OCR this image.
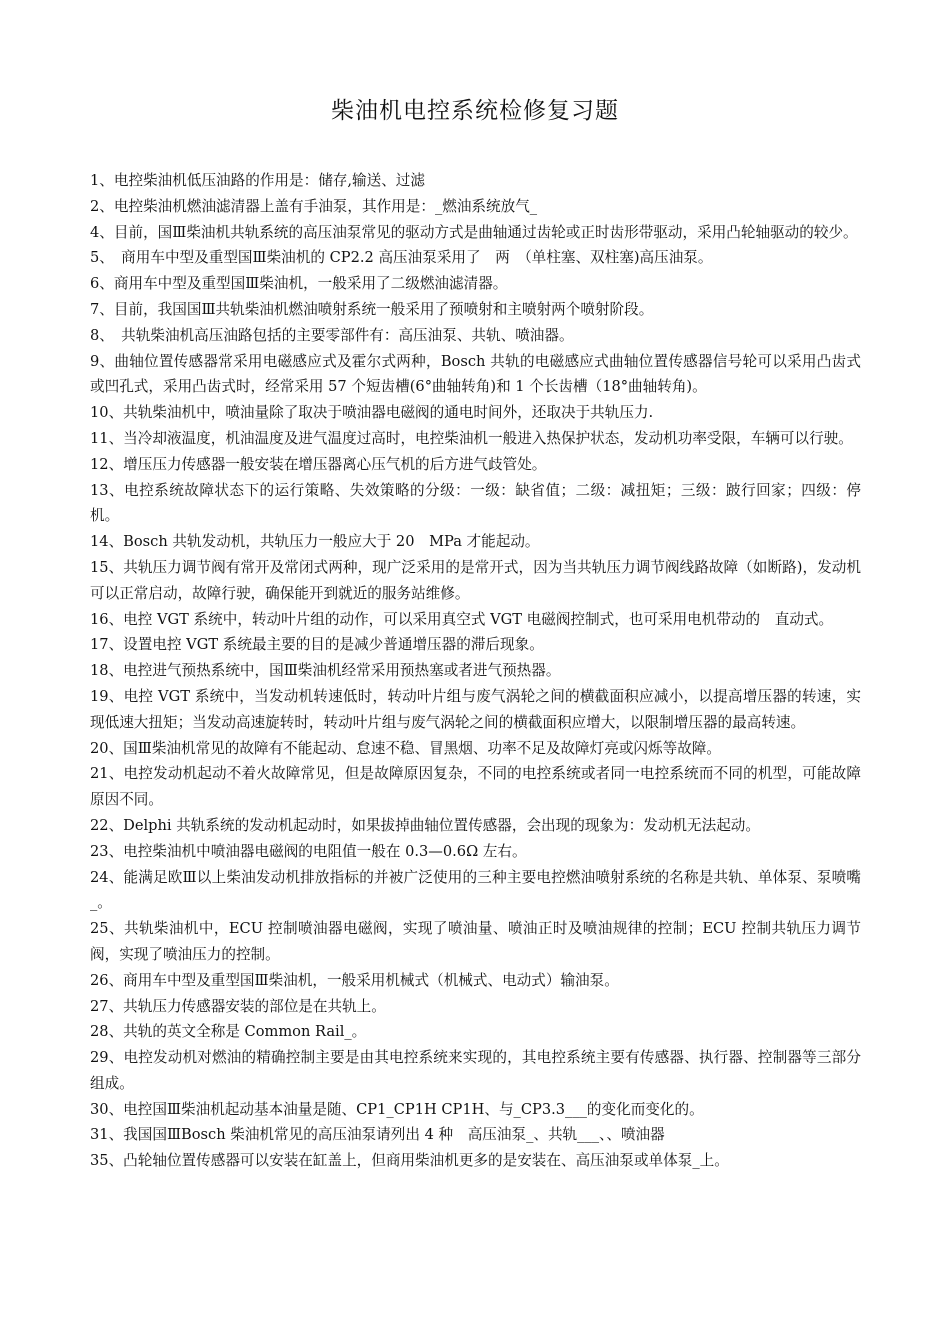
柴油机电控系统检修复习题

1、电控柴油机低压油路的作用是：储存,输送、过滤

2、电控柴油机燃油滤清器上盖有手油泵，其作用是：_燃油系统放气_

4、目前，国Ⅲ柴油机共轨系统的高压油泵常见的驱动方式是曲轴通过齿轮或正时齿形带驱动，采用凸轮轴驱动的较少。

5、　商用车中型及重型国Ⅲ柴油机的 CP2.2 高压油泵采用了　两　（单柱塞、双柱塞)高压油泵。

6、商用车中型及重型国Ⅲ柴油机，一般采用了二级燃油滤清器。

7、目前，我国国Ⅲ共轨柴油机燃油喷射系统一般采用了预喷射和主喷射两个喷射阶段。

8、　共轨柴油机高压油路包括的主要零部件有：高压油泵、共轨、喷油器。

9、曲轴位置传感器常采用电磁感应式及霍尔式两种，Bosch 共轨的电磁感应式曲轴位置传感器信号轮可以采用凸齿式或凹孔式，采用凸齿式时，经常采用 57 个短齿槽(6°曲轴转角)和 1 个长齿槽（18°曲轴转角)。

10、共轨柴油机中，喷油量除了取决于喷油器电磁阀的通电时间外，还取决于共轨压力.

11、当冷却液温度，机油温度及进气温度过高时，电控柴油机一般进入热保护状态，发动机功率受限，车辆可以行驶。

12、增压压力传感器一般安装在增压器离心压气机的后方进气歧管处。

13、电控系统故障状态下的运行策略、失效策略的分级：一级：缺省值；二级：减扭矩；三级：跛行回家；四级：停机。

14、Bosch 共轨发动机，共轨压力一般应大于 20　MPa 才能起动。

15、共轨压力调节阀有常开及常闭式两种，现广泛采用的是常开式，因为当共轨压力调节阀线路故障（如断路)，发动机可以正常启动，故障行驶，确保能开到就近的服务站维修。

16、电控 VGT 系统中，转动叶片组的动作，可以采用真空式 VGT 电磁阀控制式，也可采用电机带动的　直动式。

17、设置电控 VGT 系统最主要的目的是减少普通增压器的滞后现象。

18、电控进气预热系统中，国Ⅲ柴油机经常采用预热塞或者进气预热器。

19、电控 VGT 系统中，当发动机转速低时，转动叶片组与废气涡轮之间的横截面积应减小，以提高增压器的转速，实现低速大扭矩；当发动高速旋转时，转动叶片组与废气涡轮之间的横截面积应增大，以限制增压器的最高转速。

20、国Ⅲ柴油机常见的故障有不能起动、怠速不稳、冒黑烟、功率不足及故障灯亮或闪烁等故障。

21、电控发动机起动不着火故障常见，但是故障原因复杂，不同的电控系统或者同一电控系统而不同的机型，可能故障原因不同。

22、Delphi 共轨系统的发动机起动时，如果拔掉曲轴位置传感器，会出现的现象为：发动机无法起动。

23、电控柴油机中喷油器电磁阀的电阻值一般在 0.3—0.6Ω 左右。

24、能满足欧Ⅲ以上柴油发动机排放指标的并被广泛使用的三种主要电控燃油喷射系统的名称是共轨、单体泵、泵喷嘴_。

25、共轨柴油机中，ECU 控制喷油器电磁阀，实现了喷油量、喷油正时及喷油规律的控制；ECU 控制共轨压力调节阀，实现了喷油压力的控制。

26、商用车中型及重型国Ⅲ柴油机，一般采用机械式（机械式、电动式）输油泵。

27、共轨压力传感器安装的部位是在共轨上。

28、共轨的英文全称是 Common Rail_。

29、电控发动机对燃油的精确控制主要是由其电控系统来实现的，其电控系统主要有传感器、执行器、控制器等三部分组成。

30、电控国Ⅲ柴油机起动基本油量是随、CP1_CP1H CP1H、与_CP3.3___的变化而变化的。

31、我国国ⅢBosch 柴油机常见的高压油泵请列出 4 种　高压油泵_、共轨___、、喷油器

35、凸轮轴位置传感器可以安装在缸盖上，但商用柴油机更多的是安装在、高压油泵或单体泵_上。
